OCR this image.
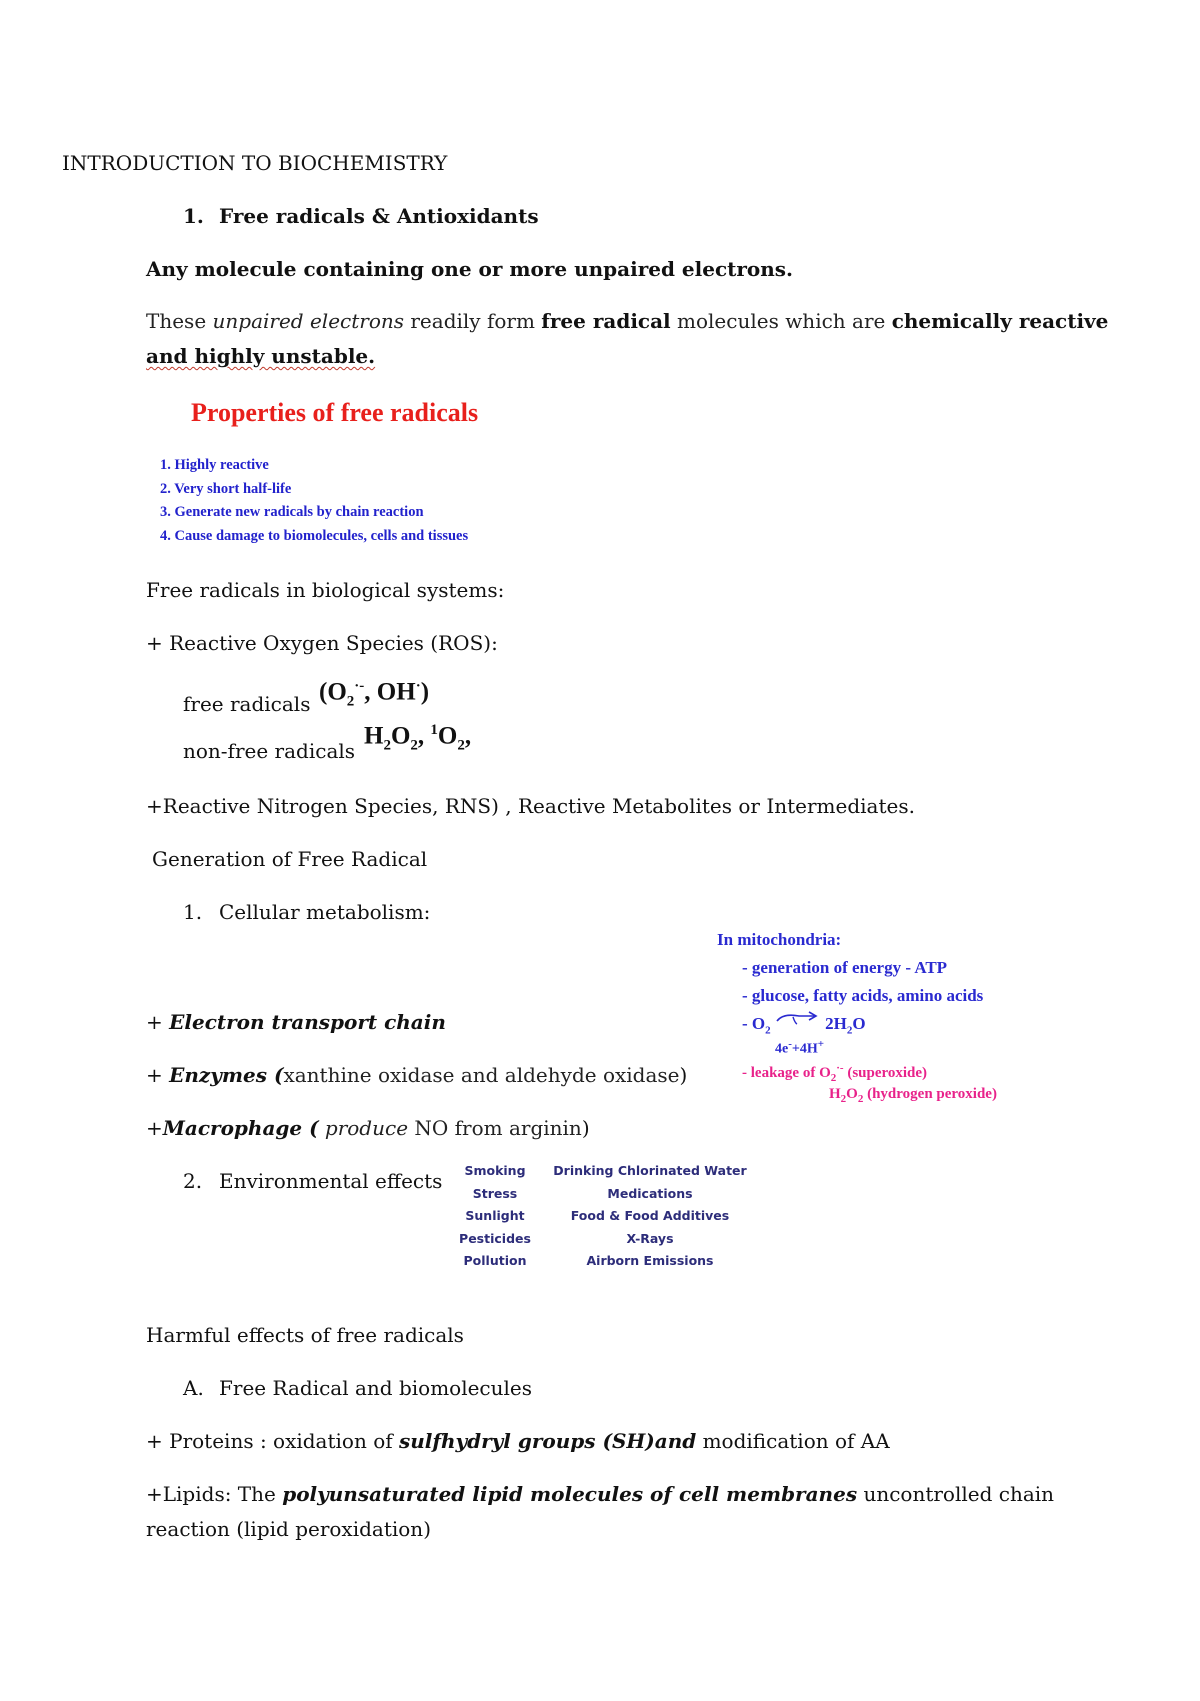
INTRODUCTION TO BIOCHEMISTRY
1. Free radicals & Antioxidants
Any molecule containing one or more unpaired electrons.
These unpaired electrons readily form free radical molecules which are chemically reactive
and highly unstable.
Properties of free radicals
1. Highly reactive
2. Very short half-life
3. Generate new radicals by chain reaction
4. Cause damage to biomolecules, cells and tissues
Free radicals in biological systems:
+ Reactive Oxygen Species (ROS):
free radicals ($O_2^{\cdot-}$, OH·)
non-free radicals
$H_2O_2$, $^1O_2$,
+Reactive Nitrogen Species, RNS) , Reactive Metabolites or Intermediates.
Generation of Free Radical
1. Cellular metabolism:
In mitochondria:
- generation of energy - ATP
- glucose, fatty acids, amino acids
- $O_2$	$2H_2O$
4e-+4H+
- leakage of $O_2^{\cdot-}$ (superoxide)
$H_2O_2$ (hydrogen peroxide)
+ Electron transport chain
+ Enzymes (xanthine oxidase and aldehyde oxidase)
+Macrophage ( produce NO from arginin)
2. Environmental effects	Smoking
Stress
Sunlight
Pesticides
Pollution
Drinking Chlorinated Water
Medications
Food & Food Additives
X-Rays
Airborn Emissions
Harmful effects of free radicals
A. Free Radical and biomolecules
+ Proteins : oxidation of sulfhydryl groups (SH)and modification of AA
+Lipids: The polyunsaturated lipid molecules of cell membranes uncontrolled chain
reaction (lipid peroxidation)
